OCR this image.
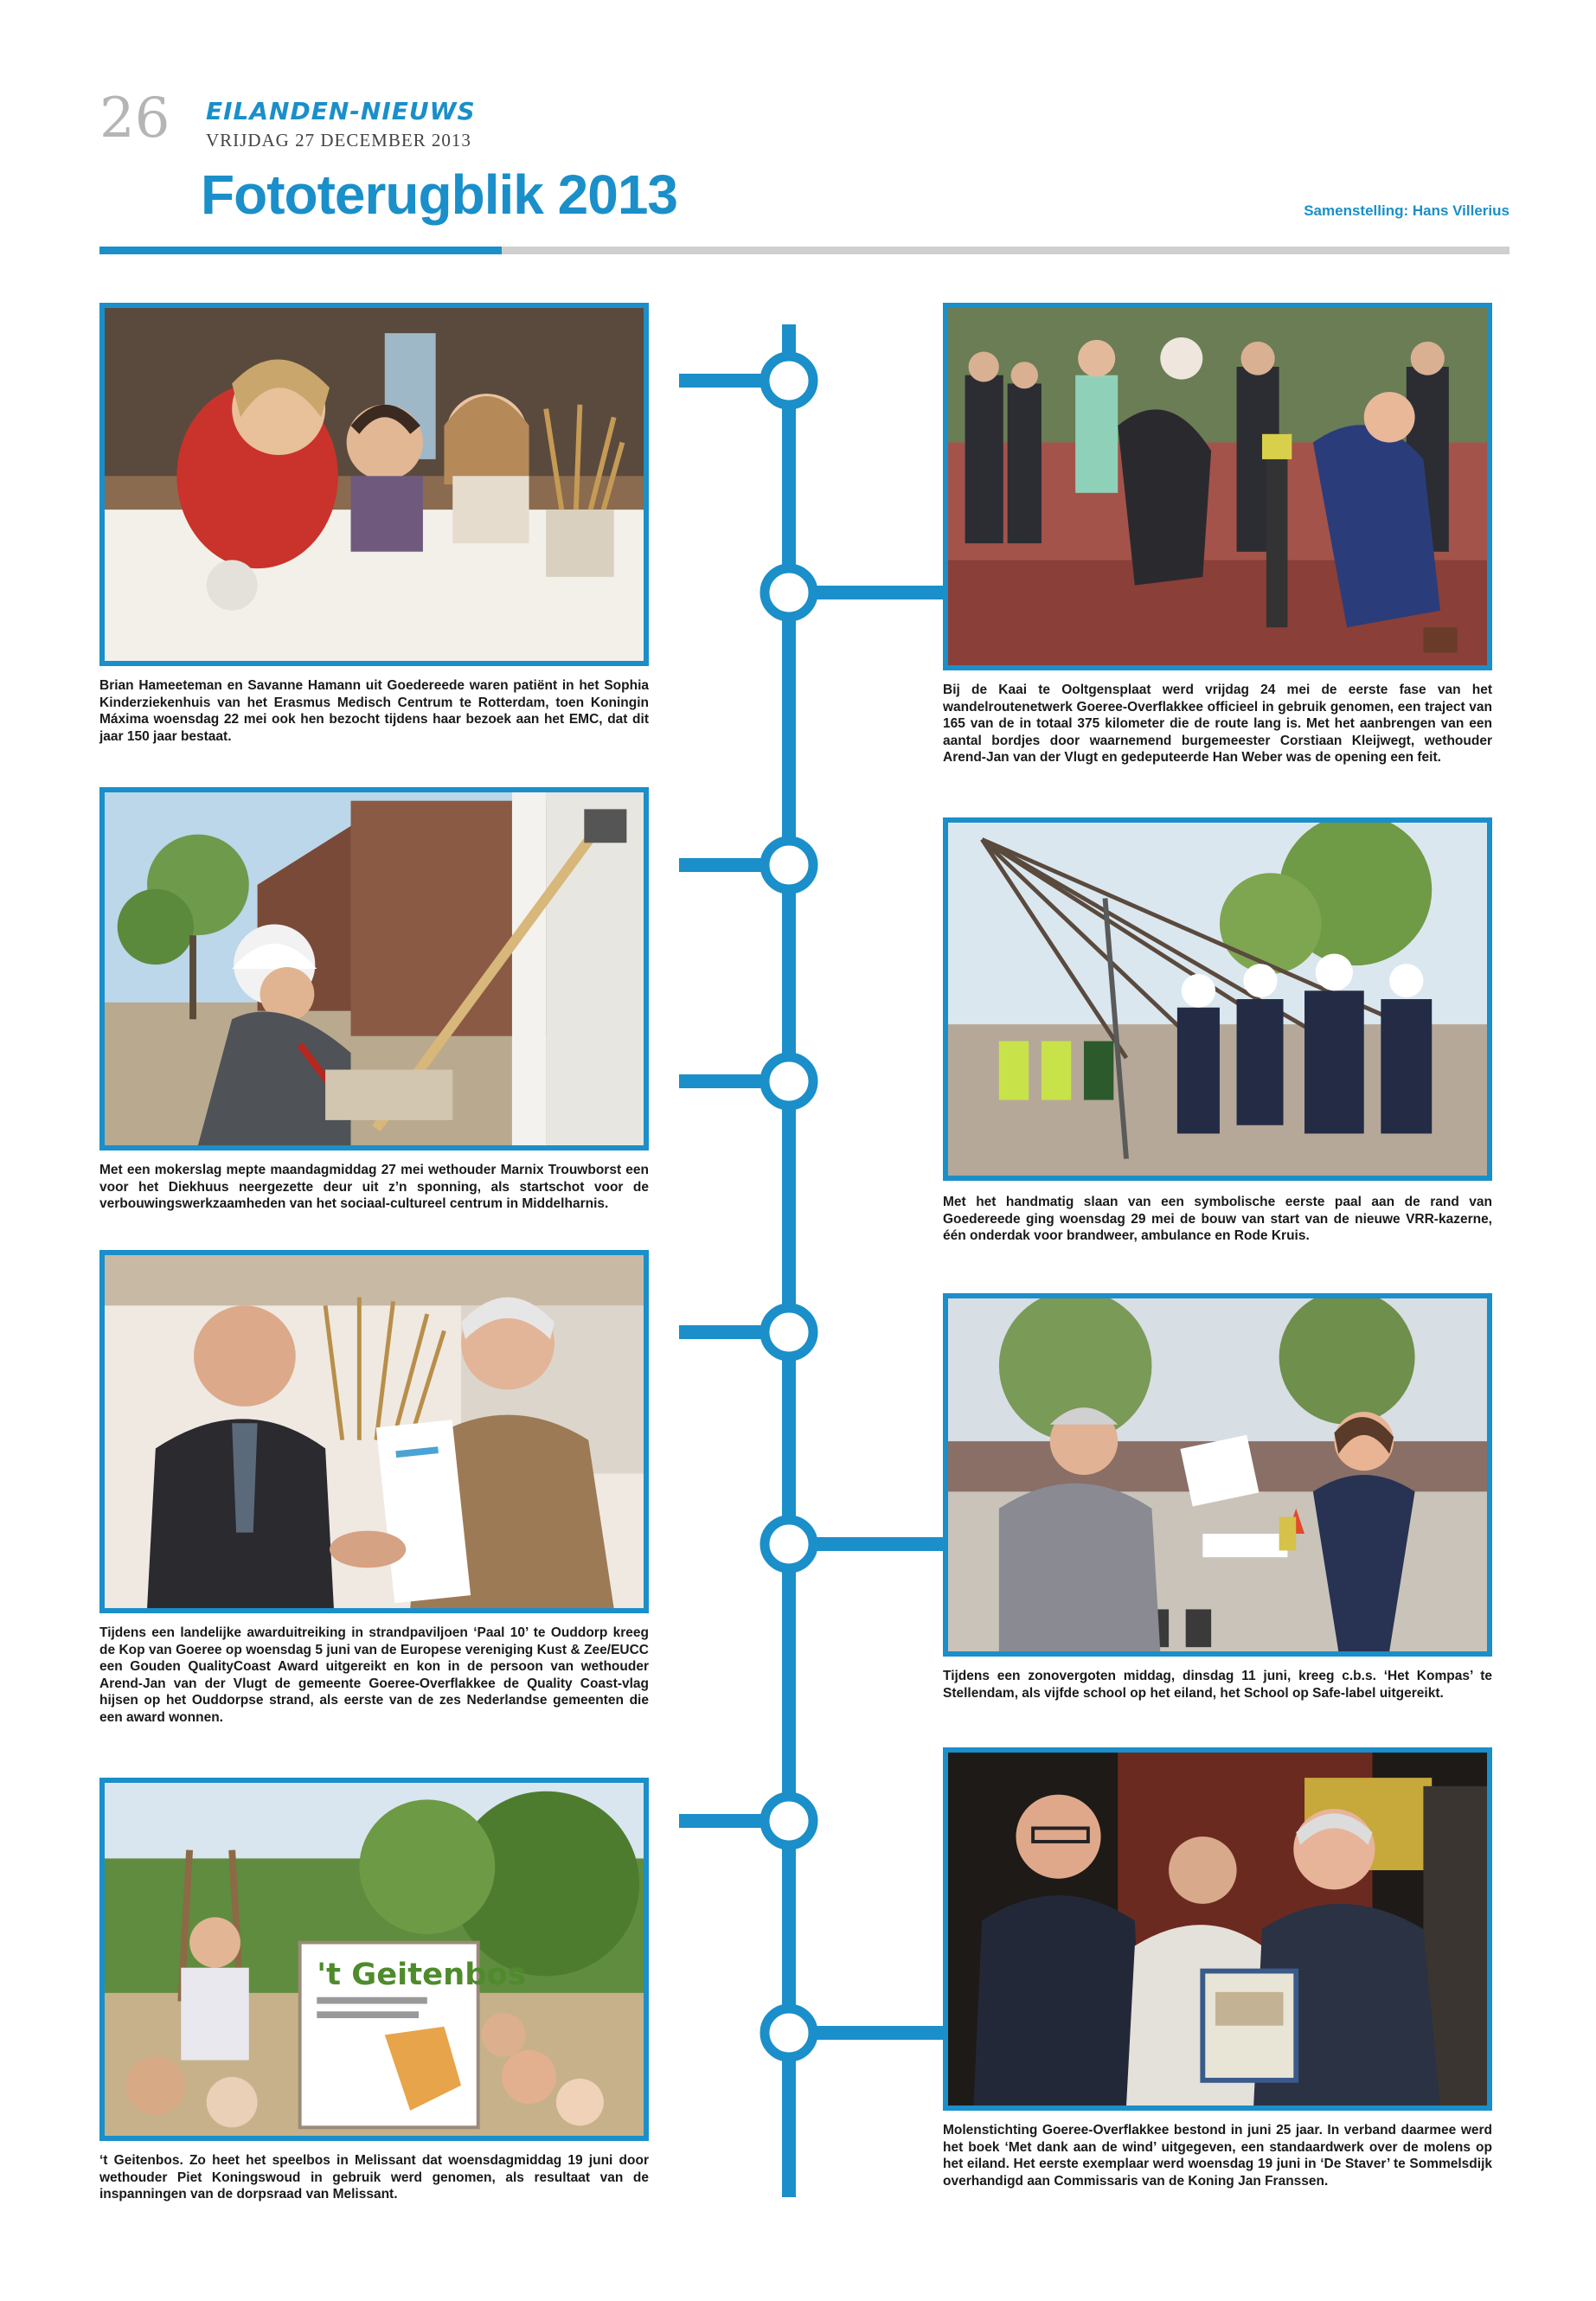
26 EILANDEN-NIEUWS
VRIJDAG 27 DECEMBER 2013
Fototerugblik 2013	Samenstelling: Hans Villerius
Brian Hameeteman en Savanne Hamann uit Goedereede waren patiënt in het Sophia Kinderziekenhuis van het Erasmus Medisch Centrum te Rotterdam, toen Koningin Máxima woensdag 22 mei ook hen bezocht tijdens haar bezoek aan het EMC, dat dit jaar 150 jaar bestaat.
Met een mokerslag mepte maandagmiddag 27 mei wethouder Marnix Trouwborst een voor het Diekhuus neergezette deur uit z’n sponning, als startschot voor de verbouwingswerkzaamheden van het sociaal-cultureel centrum in Middelharnis.
Tijdens een landelijke awarduitreiking in strandpaviljoen ‘Paal 10’ te Ouddorp kreeg de Kop van Goeree op woensdag 5 juni van de Europese vereniging Kust & Zee/EUCC een Gouden QualityCoast Award uitgereikt en kon in de persoon van wethouder Arend-Jan van der Vlugt de gemeente Goeree-Overflakkee de Quality Coast-vlag hijsen op het Ouddorpse strand, als eerste van de zes Nederlandse gemeenten die een award wonnen.
't Geitenbos
‘t Geitenbos. Zo heet het speelbos in Melissant dat woensdagmiddag 19 juni door wethouder Piet Koningswoud in gebruik werd genomen, als resultaat van de inspanningen van de dorpsraad van Melissant.
Bij de Kaai te Ooltgensplaat werd vrijdag 24 mei de eerste fase van het wandelroutenetwerk Goeree-Overflakkee officieel in gebruik genomen, een traject van 165 van de in totaal 375 kilometer die de route lang is. Met het aanbrengen van een aantal bordjes door waarnemend burgemeester Corstiaan Kleijwegt, wethouder Arend-Jan van der Vlugt en gedeputeerde Han Weber was de opening een feit.
Met het handmatig slaan van een symbolische eerste paal aan de rand van Goedereede ging woensdag 29 mei de bouw van start van de nieuwe VRR-kazerne, één onderdak voor brandweer, ambulance en Rode Kruis.
Tijdens een zonovergoten middag, dinsdag 11 juni, kreeg c.b.s. ‘Het Kompas’ te Stellendam, als vijfde school op het eiland, het School op Safe-label uitgereikt.
Molenstichting Goeree-Overflakkee bestond in juni 25 jaar. In verband daarmee werd het boek ‘Met dank aan de wind’ uitgegeven, een standaardwerk over de molens op het eiland. Het eerste exemplaar werd woensdag 19 juni in ‘De Staver’ te Sommelsdijk overhandigd aan Commissaris van de Koning Jan Franssen.
